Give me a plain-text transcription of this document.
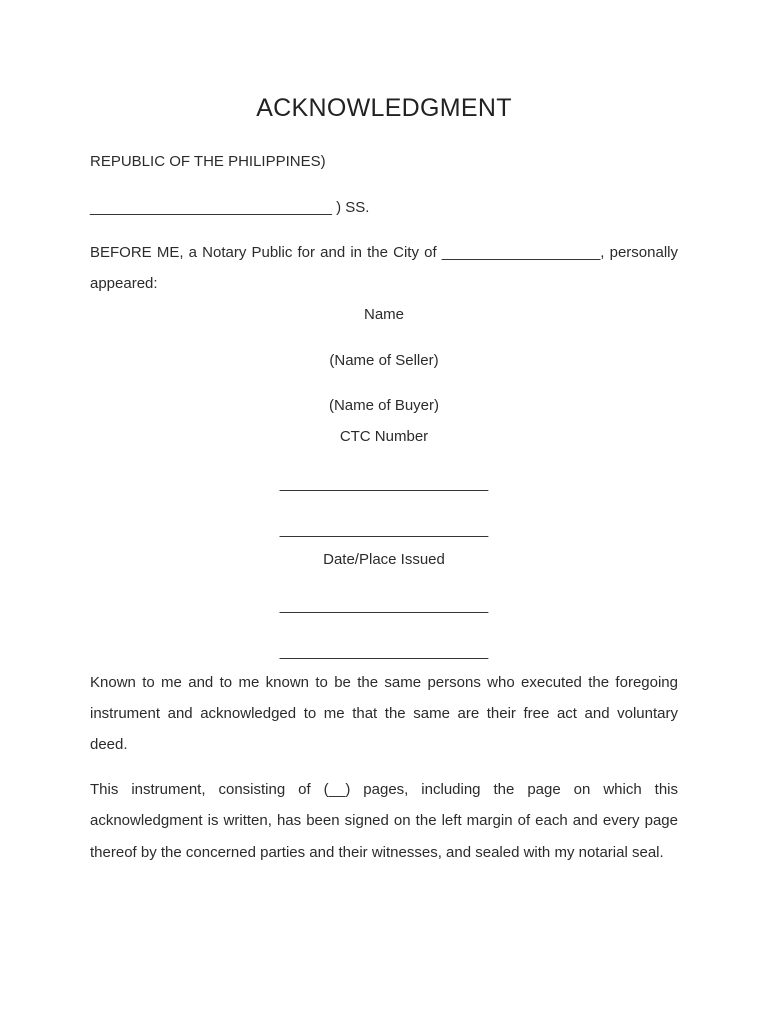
ACKNOWLEDGMENT
REPUBLIC OF THE PHILIPPINES)
_____________________________ ) SS.
BEFORE ME, a Notary Public for and in the City of ___________________, personally
appeared:
Name
(Name of Seller)
(Name of Buyer)
CTC Number
_________________________
_________________________
Date/Place Issued
_________________________
_________________________
Known to me and to me known to be the same persons who executed the foregoing
instrument and acknowledged to me that the same are their free act and voluntary
deed.
This instrument, consisting of (__) pages, including the page on which this
acknowledgment is written, has been signed on the left margin of each and every page
thereof by the concerned parties and their witnesses, and sealed with my notarial seal.
